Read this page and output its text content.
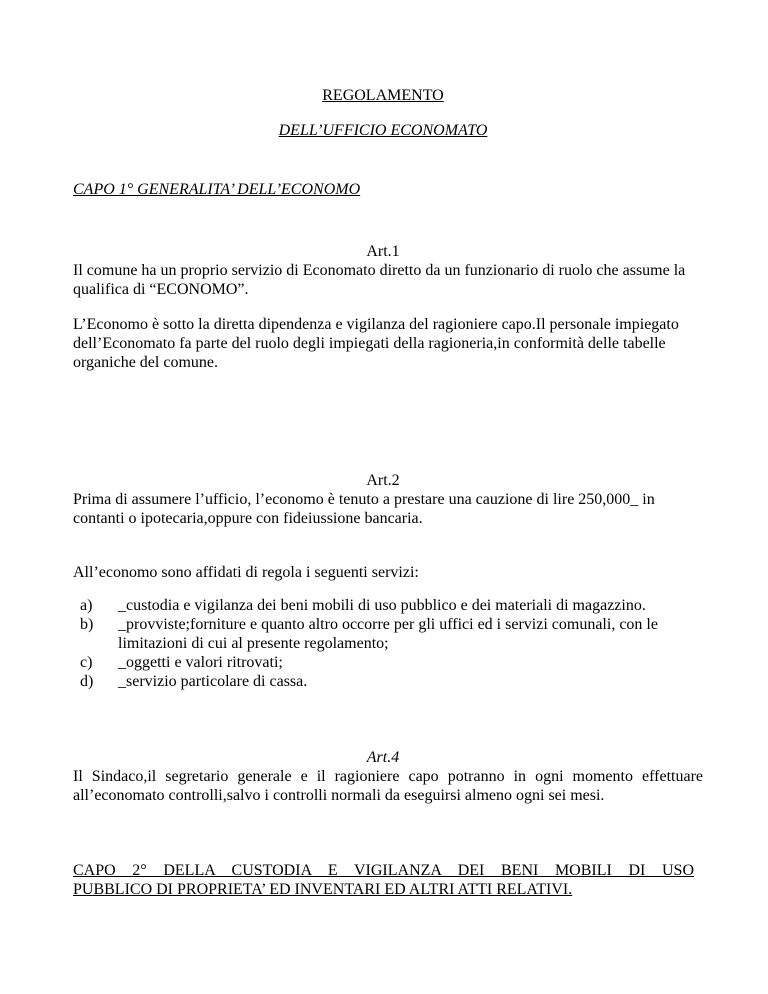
REGOLAMENTO

DELL’UFFICIO ECONOMATO

CAPO 1° GENERALITA’ DELL’ECONOMO

Art.1

Il comune ha un proprio servizio di Economato diretto da un funzionario di ruolo che assume la qualifica di “ECONOMO”.

L’Economo è sotto la diretta dipendenza e vigilanza del ragioniere capo.Il personale impiegato dell’Economato fa parte del ruolo degli impiegati della ragioneria,in conformità delle tabelle organiche del comune.

Art.2

Prima di assumere l’ufficio, l’economo è tenuto a prestare una cauzione di lire 250,000_ in contanti o ipotecaria,oppure con fideiussione bancaria.

All’economo sono affidati di regola i seguenti servizi:

a) _custodia e vigilanza dei beni mobili di uso pubblico e dei materiali di magazzino.
b) _provviste;forniture e quanto altro occorre per gli uffici ed i servizi comunali, con le limitazioni di cui al presente regolamento;
c) _oggetti e valori ritrovati;
d) _servizio particolare di cassa.

Art.4

Il Sindaco,il segretario generale e il ragioniere capo potranno in ogni momento effettuare all’economato controlli,salvo i controlli normali da eseguirsi almeno ogni sei mesi.

CAPO 2° DELLA CUSTODIA E VIGILANZA DEI BENI MOBILI DI USO

PUBBLICO DI PROPRIETA’ ED INVENTARI ED ALTRI ATTI RELATIVI.
